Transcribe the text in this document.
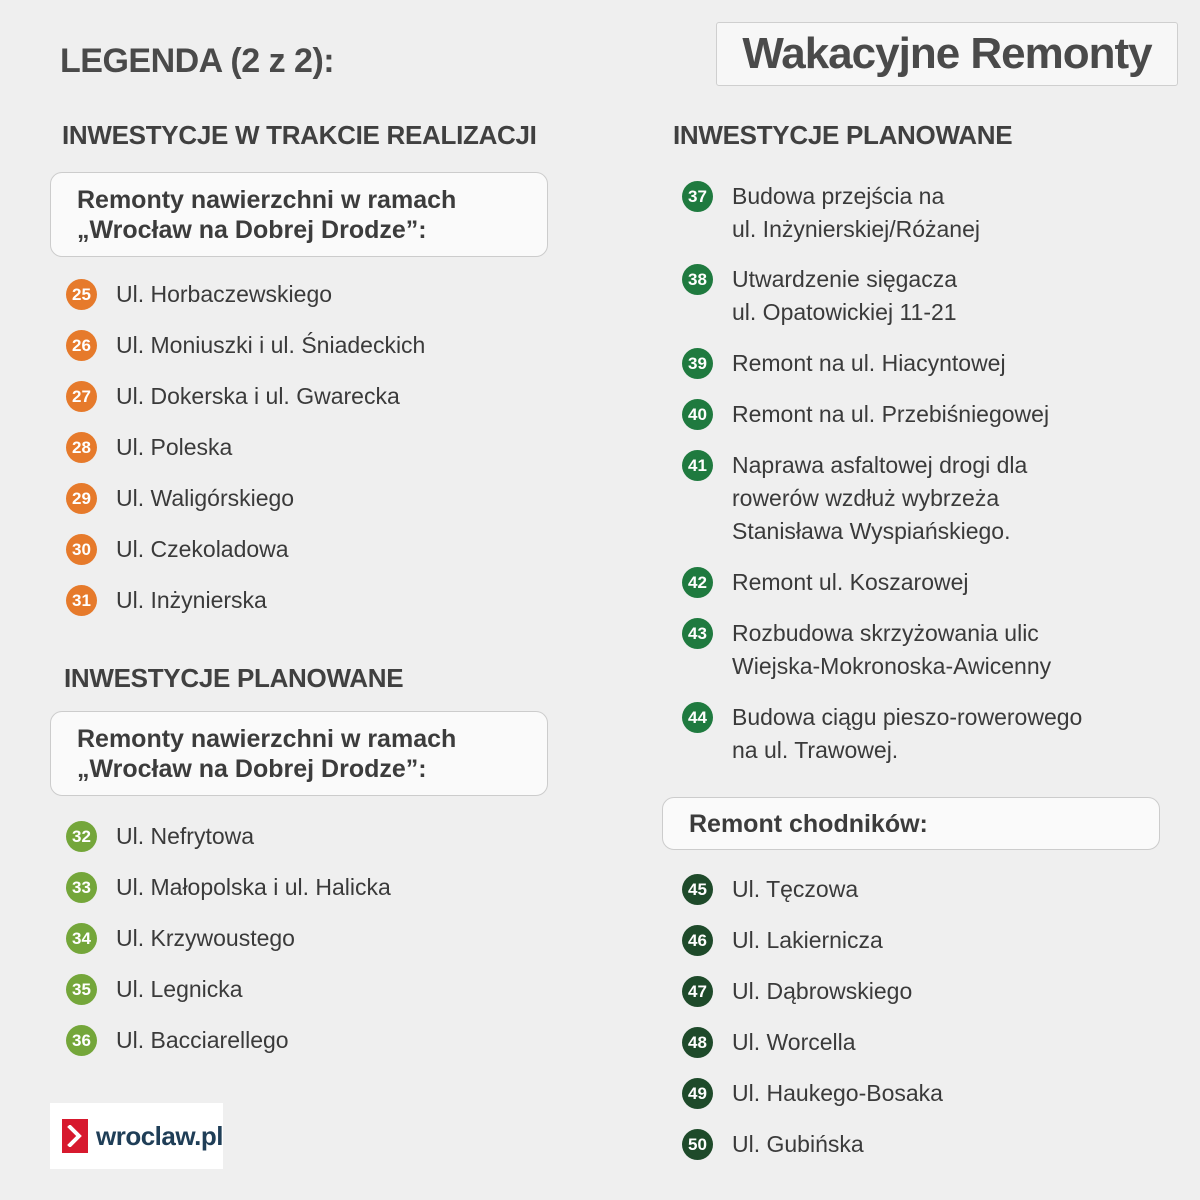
LEGENDA (2 z 2):	Wakacyjne Remonty
INWESTYCJE W TRAKCIE REALIZACJI
Remonty nawierzchni w ramach
„Wrocław na Dobrej Drodze”:
25 Ul. Horbaczewskiego
26 Ul. Moniuszki i ul. Śniadeckich
27 Ul. Dokerska i ul. Gwarecka
28 Ul. Poleska
29 Ul. Waligórskiego
30 Ul. Czekoladowa
31 Ul. Inżynierska
INWESTYCJE PLANOWANE
Remonty nawierzchni w ramach
„Wrocław na Dobrej Drodze”:
32 Ul. Nefrytowa
33 Ul. Małopolska i ul. Halicka
34 Ul. Krzywoustego
35 Ul. Legnicka
36 Ul. Bacciarellego
wroclaw.pl
INWESTYCJE PLANOWANE
37 Budowa przejścia na
ul. Inżynierskiej/Różanej
38 Utwardzenie sięgacza
ul. Opatowickiej 11-21
39 Remont na ul. Hiacyntowej
40 Remont na ul. Przebiśniegowej
41 Naprawa asfaltowej drogi dla
rowerów wzdłuż wybrzeża
Stanisława Wyspiańskiego.
42 Remont ul. Koszarowej
43 Rozbudowa skrzyżowania ulic
Wiejska-Mokronoska-Awicenny
44 Budowa ciągu pieszo-rowerowego
na ul. Trawowej.
Remont chodników:
45 Ul. Tęczowa
46 Ul. Lakiernicza
47 Ul. Dąbrowskiego
48 Ul. Worcella
49 Ul. Haukego-Bosaka
50 Ul. Gubińska
